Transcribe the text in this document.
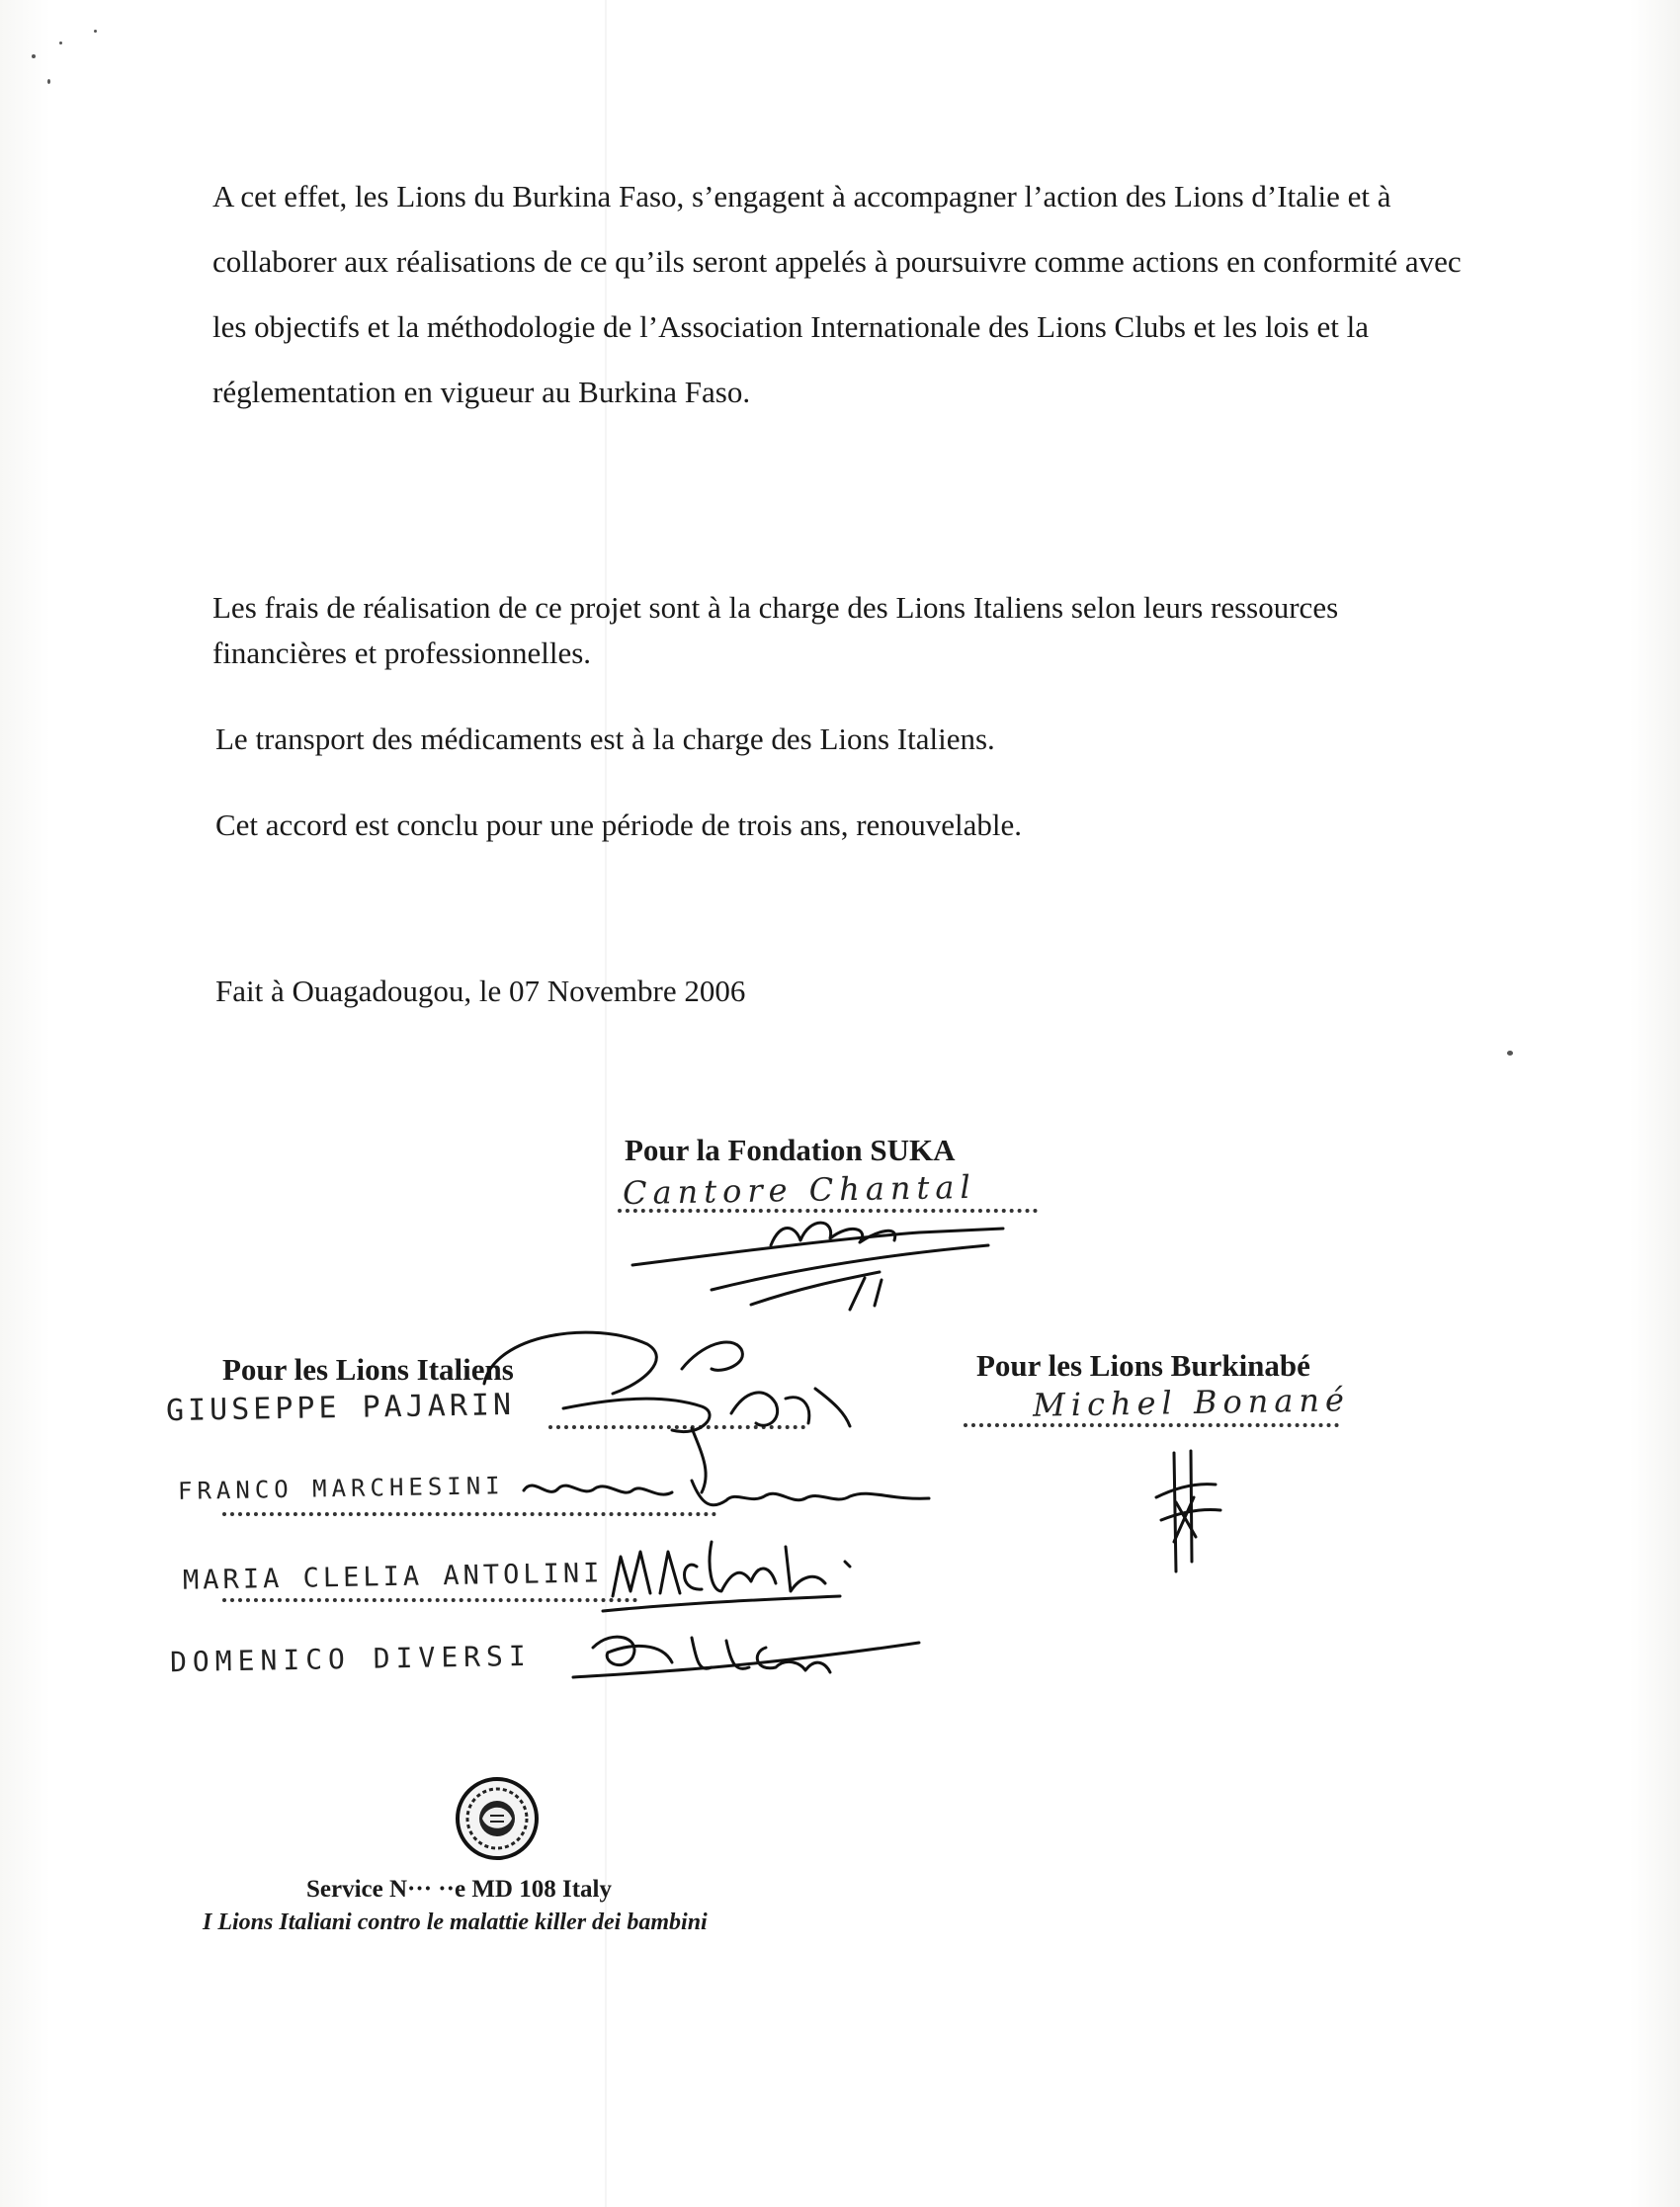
A cet effet, les Lions du Burkina Faso, s’engagent à accompagner l’action des Lions d’Italie et à collaborer aux réalisations de ce qu’ils seront appelés à poursuivre comme actions en conformité avec les objectifs et la méthodologie de l’Association Internationale des Lions Clubs et les lois et la réglementation en vigueur au Burkina Faso.

Les frais de réalisation de ce projet sont à la charge des Lions Italiens selon leurs ressources financières et professionnelles.

Le transport des médicaments est à la charge des Lions Italiens.

Cet accord est conclu pour une période de trois ans, renouvelable.

Fait à Ouagadougou, le 07 Novembre 2006

Pour la Fondation SUKA

Cantore Chantal

Pour les Lions Italiens

GIUSEPPE PAJARIN
FRANCO MARCHESINI
MARIA CLELIA ANTOLINI
DOMENICO DIVERSI

Pour les Lions Burkinabé

Michel Bonané
Service N··· ··e MD 108 Italy
I Lions Italiani contro le malattie killer dei bambini
